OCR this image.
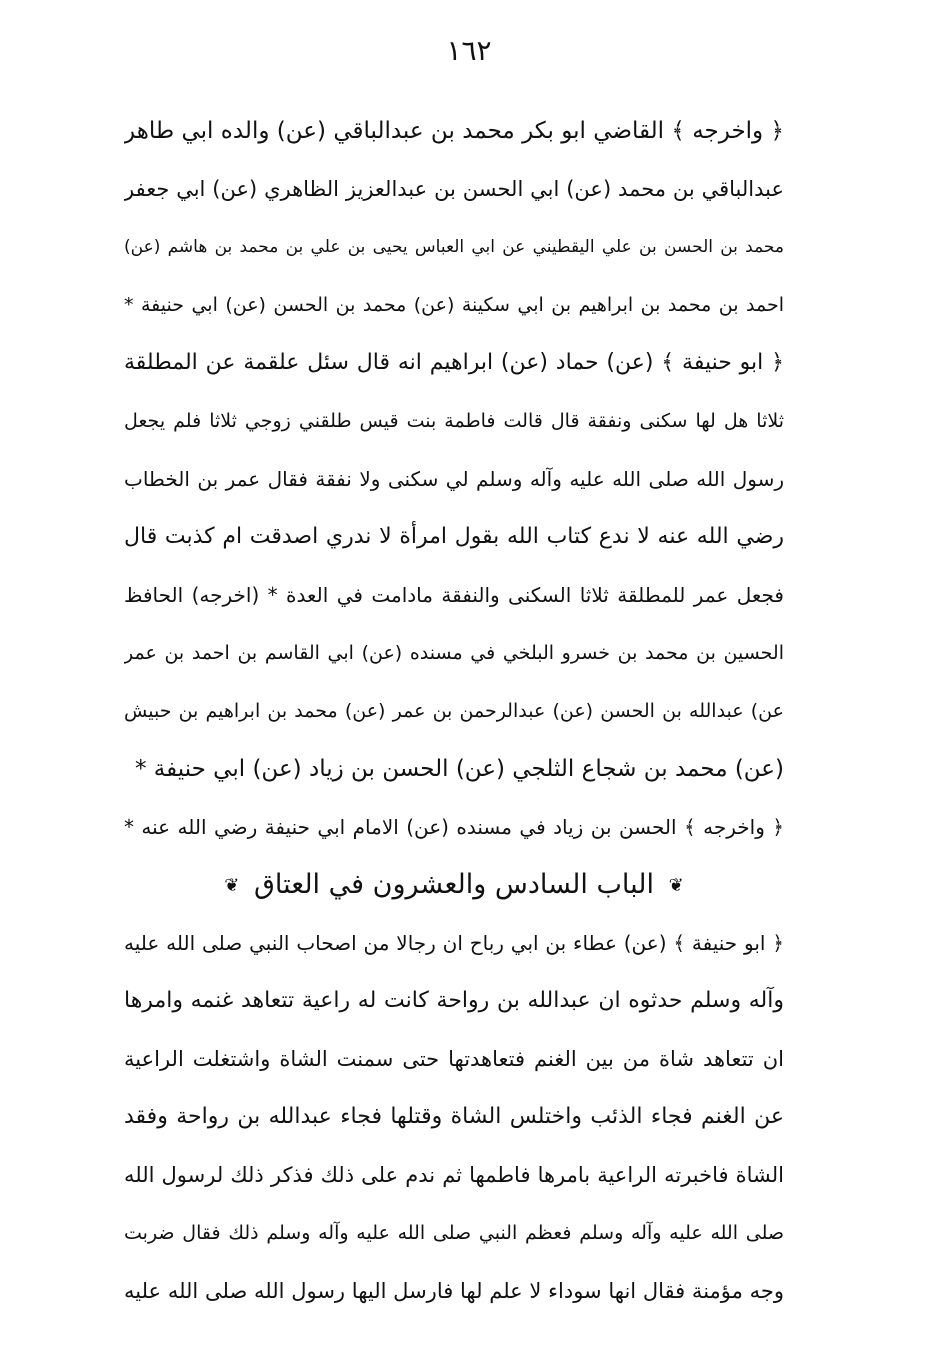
١٦٢
﴿ واخرجه ﴾ القاضي ابو بكر محمد بن عبدالباقي (عن) والده ابي طاهر
عبدالباقي بن محمد (عن) ابي الحسن بن عبدالعزيز الظاهري (عن) ابي جعفر
محمد بن الحسن بن علي اليقطيني عن ابي العباس يحيى بن علي بن محمد بن هاشم (عن)
احمد بن محمد بن ابراهيم بن ابي سكينة (عن) محمد بن الحسن (عن) ابي حنيفة *
﴿ ابو حنيفة ﴾ (عن) حماد (عن) ابراهيم انه قال سئل علقمة عن المطلقة
ثلاثا هل لها سكنى ونفقة قال قالت فاطمة بنت قيس طلقني زوجي ثلاثا فلم يجعل
رسول الله صلى الله عليه وآله وسلم لي سكنى ولا نفقة فقال عمر بن الخطاب
رضي الله عنه لا ندع كتاب الله بقول امرأة لا ندري اصدقت ام كذبت قال
فجعل عمر للمطلقة ثلاثا السكنى والنفقة مادامت في العدة * (اخرجه) الحافظ
الحسين بن محمد بن خسرو البلخي في مسنده (عن) ابي القاسم بن احمد بن عمر
عن) عبدالله بن الحسن (عن) عبدالرحمن بن عمر (عن) محمد بن ابراهيم بن حبيش
(عن) محمد بن شجاع الثلجي (عن) الحسن بن زياد (عن) ابي حنيفة *
﴿ واخرجه ﴾ الحسن بن زياد في مسنده (عن) الامام ابي حنيفة رضي الله عنه *
❦ الباب السادس والعشرون في العتاق ❦
﴿ ابو حنيفة ﴾ (عن) عطاء بن ابي رباح ان رجالا من اصحاب النبي صلى الله عليه
وآله وسلم حدثوه ان عبدالله بن رواحة كانت له راعية تتعاهد غنمه وامرها
ان تتعاهد شاة من بين الغنم فتعاهدتها حتى سمنت الشاة واشتغلت الراعية
عن الغنم فجاء الذئب واختلس الشاة وقتلها فجاء عبدالله بن رواحة وفقد
الشاة فاخبرته الراعية بامرها فاطمها ثم ندم على ذلك فذكر ذلك لرسول الله
صلى الله عليه وآله وسلم فعظم النبي صلى الله عليه وآله وسلم ذلك فقال ضربت
وجه مؤمنة فقال انها سوداء لا علم لها فارسل اليها رسول الله صلى الله عليه
